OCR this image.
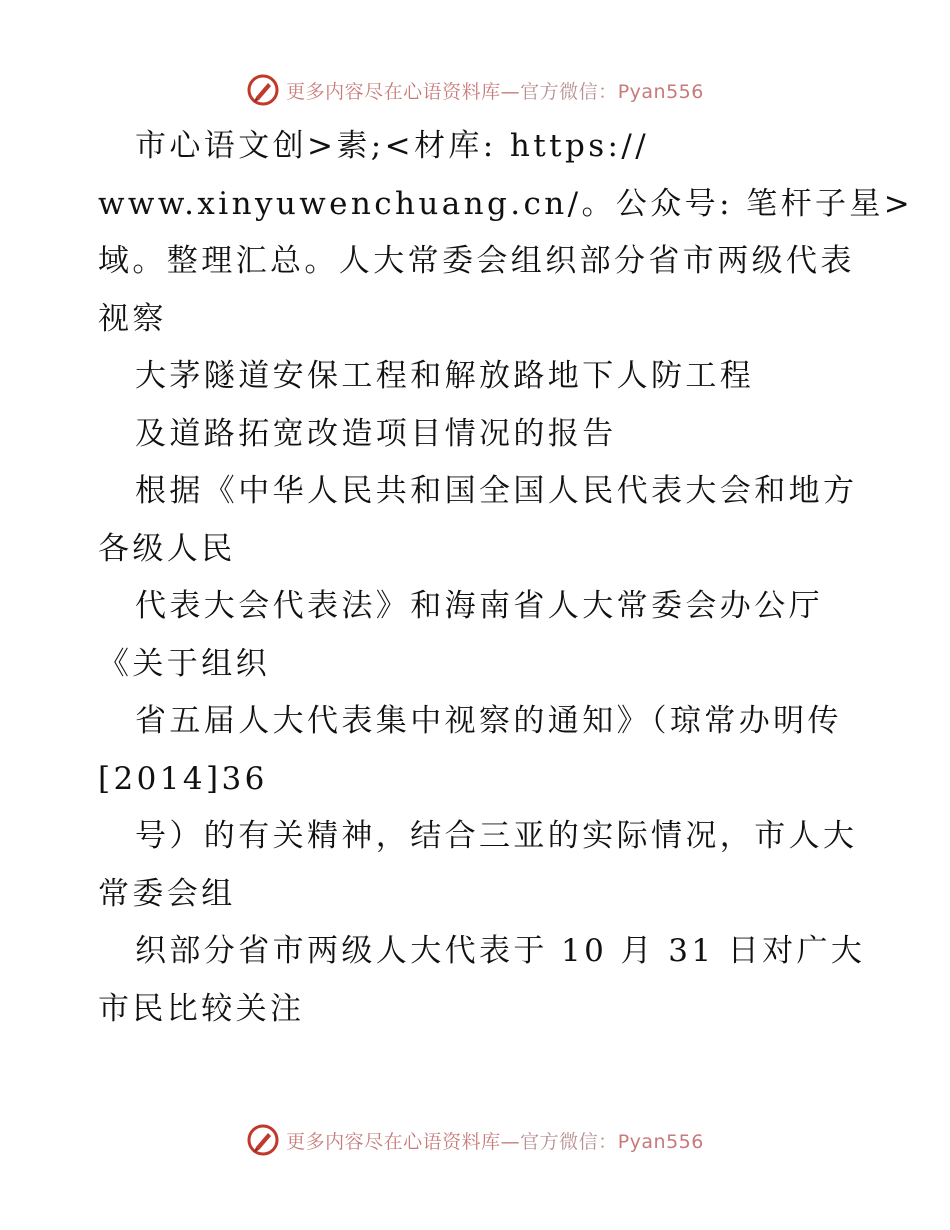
更多内容尽在心语资料库—官方微信：Pyan556
市心语文创>素;<材库: https://
www.xinyuwenchuang.cn/。公众号: 笔杆子星>
域。整理汇总。人大常委会组织部分省市两级代表
视察
大茅隧道安保工程和解放路地下人防工程
及道路拓宽改造项目情况的报告
根据《中华人民共和国全国人民代表大会和地方
各级人民
代表大会代表法》和海南省人大常委会办公厅
《关于组织
省五届人大代表集中视察的通知》（琼常办明传
[2014]36
号）的有关精神，结合三亚的实际情况，市人大
常委会组
织部分省市两级人大代表于 10 月 31 日对广大
市民比较关注
更多内容尽在心语资料库—官方微信：Pyan556
